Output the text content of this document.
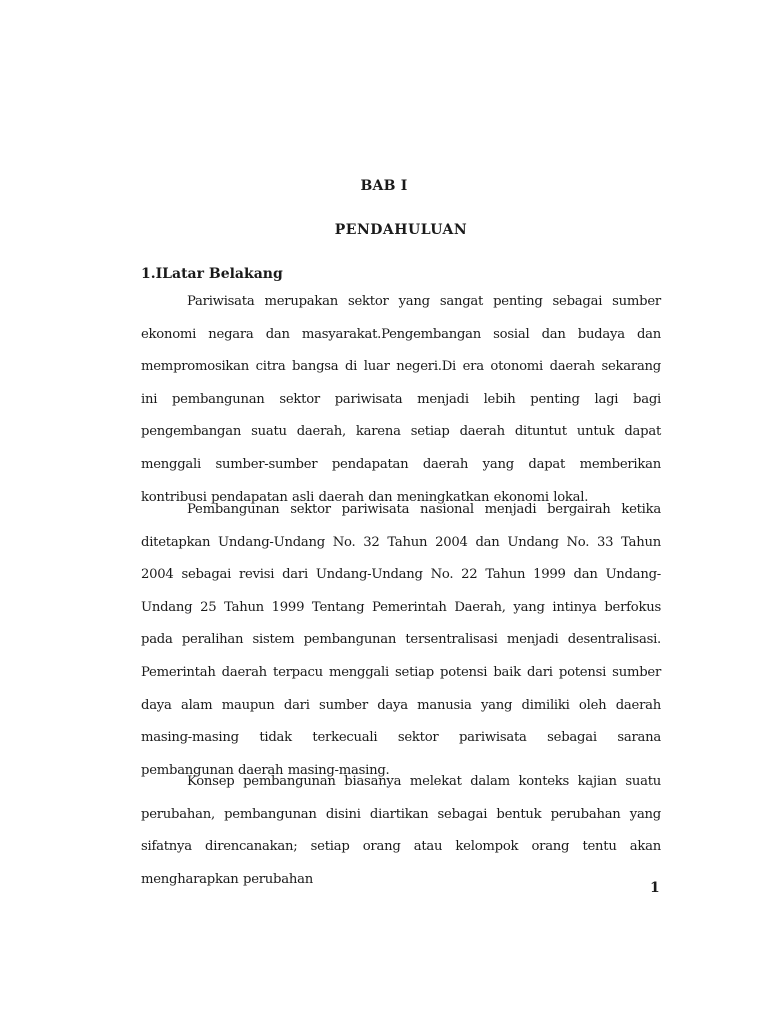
BAB I
PENDAHULUAN
1.ILatar Belakang

Pariwisata merupakan sektor yang sangat penting sebagai sumber ekonomi negara dan masyarakat.Pengembangan sosial dan budaya dan mempromosikan citra bangsa di luar negeri.Di era otonomi daerah sekarang ini pembangunan sektor pariwisata menjadi lebih penting lagi bagi pengembangan suatu daerah, karena setiap daerah dituntut untuk dapat menggali sumber-sumber pendapatan daerah yang dapat memberikan kontribusi pendapatan asli daerah dan meningkatkan ekonomi lokal.

Pembangunan sektor pariwisata nasional menjadi bergairah ketika ditetapkan Undang-Undang No. 32 Tahun 2004 dan Undang No. 33 Tahun 2004 sebagai revisi dari Undang-Undang No. 22 Tahun 1999 dan Undang-Undang 25 Tahun 1999 Tentang Pemerintah Daerah, yang intinya berfokus pada peralihan sistem pembangunan tersentralisasi menjadi desentralisasi. Pemerintah daerah terpacu menggali setiap potensi baik dari potensi sumber daya alam maupun dari sumber daya manusia yang dimiliki oleh daerah masing-masing tidak terkecuali sektor pariwisata sebagai sarana pembangunan daerah masing-masing.

Konsep pembangunan biasanya melekat dalam konteks kajian suatu perubahan, pembangunan disini diartikan sebagai bentuk perubahan yang sifatnya direncanakan; setiap orang atau kelompok orang tentu akan mengharapkan perubahan

1
